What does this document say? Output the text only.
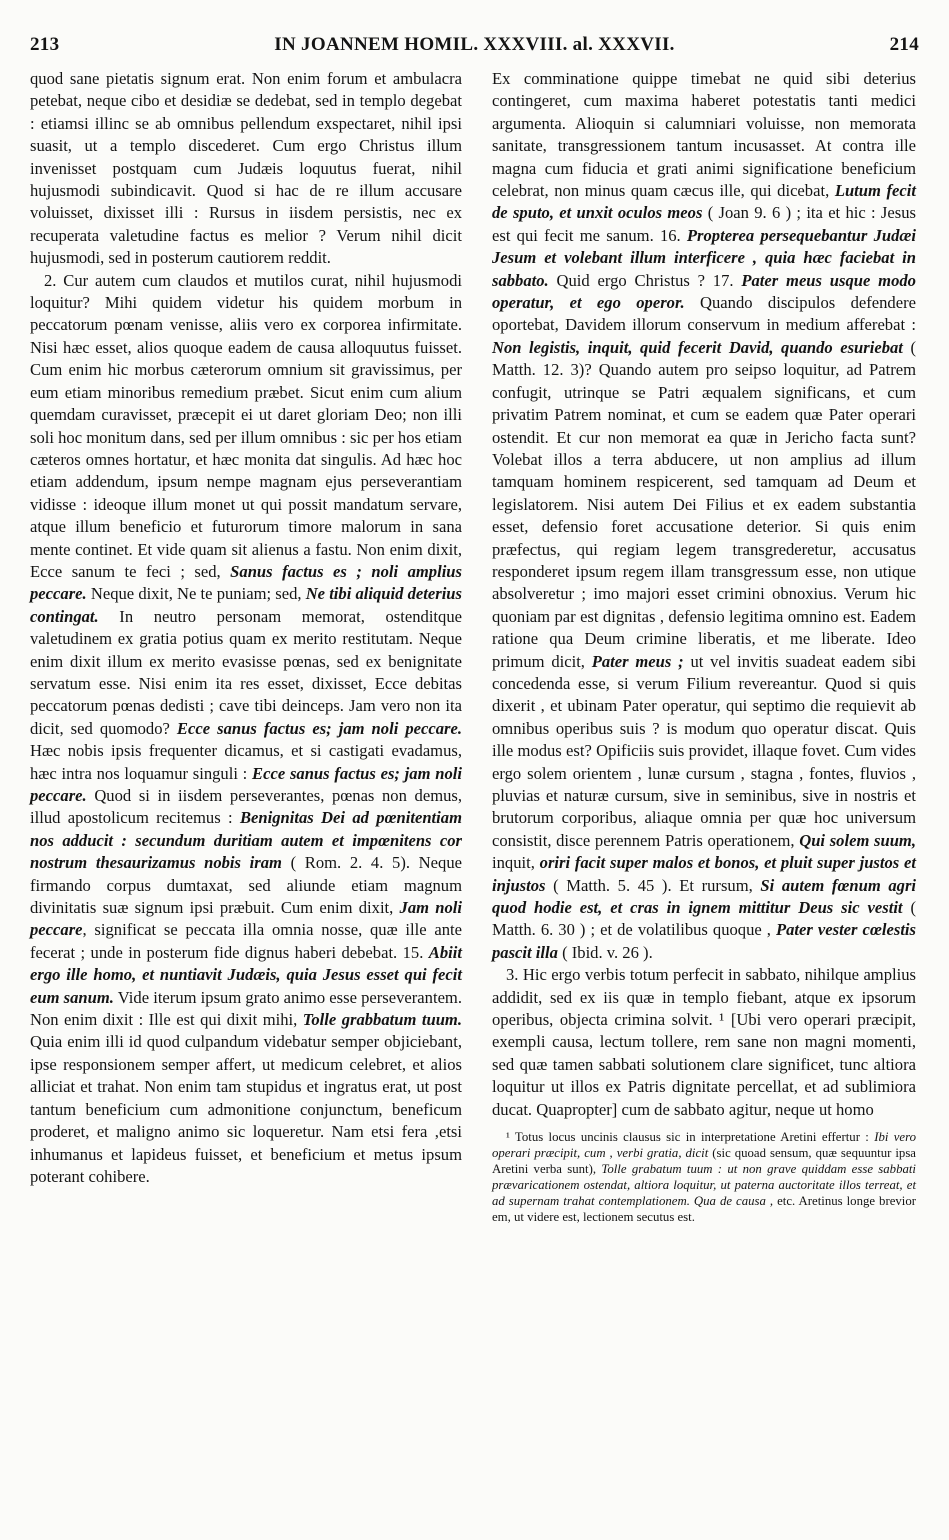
213	IN JOANNEM HOMIL. XXXVIII. al. XXXVII.	214

quod sane pietatis signum erat. Non enim forum et ambulacra petebat, neque cibo et desidiæ se dedebat, sed in templo degebat : etiamsi illinc se ab omnibus pellendum exspectaret, nihil ipsi suasit, ut a templo discederet. Cum ergo Christus illum invenisset postquam cum Judæis loquutus fuerat, nihil hujusmodi subindicavit. Quod si hac de re illum accusare voluisset, dixisset illi : Rursus in iisdem persistis, nec ex recuperata valetudine factus es melior ? Verum nihil dicit hujusmodi, sed in posterum cautiorem reddit.

2. Cur autem cum claudos et mutilos curat, nihil hujusmodi loquitur? Mihi quidem videtur his quidem morbum in peccatorum pœnam venisse, aliis vero ex corporea infirmitate. Nisi hæc esset, alios quoque eadem de causa alloquutus fuisset. Cum enim hic morbus cæterorum omnium sit gravissimus, per eum etiam minoribus remedium præbet. Sicut enim cum alium quemdam curavisset, præcepit ei ut daret gloriam Deo; non illi soli hoc monitum dans, sed per illum omnibus : sic per hos etiam cæteros omnes hortatur, et hæc monita dat singulis. Ad hæc hoc etiam addendum, ipsum nempe magnam ejus perseverantiam vidisse : ideoque illum monet ut qui possit mandatum servare, atque illum beneficio et futurorum timore malorum in sana mente continet. Et vide quam sit alienus a fastu. Non enim dixit, Ecce sanum te feci ; sed, Sanus factus es ; noli amplius peccare. Neque dixit, Ne te puniam; sed, Ne tibi aliquid deterius contingat. In neutro personam memorat, ostenditque valetudinem ex gratia potius quam ex merito restitutam. Neque enim dixit illum ex merito evasisse pœnas, sed ex benignitate servatum esse. Nisi enim ita res esset, dixisset, Ecce debitas peccatorum pœnas dedisti ; cave tibi deinceps. Jam vero non ita dicit, sed quomodo? Ecce sanus factus es; jam noli peccare. Hæc nobis ipsis frequenter dicamus, et si castigati evadamus, hæc intra nos loquamur singuli : Ecce sanus factus es; jam noli peccare. Quod si in iisdem perseverantes, pœnas non demus, illud apostolicum recitemus : Benignitas Dei ad pœnitentiam nos adducit : secundum duritiam autem et impœnitens cor nostrum thesaurizamus nobis iram ( Rom. 2. 4. 5). Neque firmando corpus dumtaxat, sed aliunde etiam magnum divinitatis suæ signum ipsi præbuit. Cum enim dixit, Jam noli peccare, significat se peccata illa omnia nosse, quæ ille ante fecerat ; unde in posterum fide dignus haberi debebat. 15. Abiit ergo ille homo, et nuntiavit Judæis, quia Jesus esset qui fecit eum sanum. Vide iterum ipsum grato animo esse perseverantem. Non enim dixit : Ille est qui dixit mihi, Tolle grabbatum tuum. Quia enim illi id quod culpandum videbatur semper objiciebant, ipse responsionem semper affert, ut medicum celebret, et alios alliciat et trahat. Non enim tam stupidus et ingratus erat, ut post tantum beneficium cum admonitione conjunctum, beneficum proderet, et maligno animo sic loqueretur. Nam etsi fera ,etsi inhumanus et lapideus fuisset, et beneficium et metus ipsum poterant cohibere.

Ex comminatione quippe timebat ne quid sibi deterius contingeret, cum maxima haberet potestatis tanti medici argumenta. Alioquin si calumniari voluisse, non memorata sanitate, transgressionem tantum incusasset. At contra ille magna cum fiducia et grati animi significatione beneficium celebrat, non minus quam cæcus ille, qui dicebat, Lutum fecit de sputo, et unxit oculos meos ( Joan 9. 6 ) ; ita et hic : Jesus est qui fecit me sanum. 16. Propterea persequebantur Judæi Jesum et volebant illum interficere , quia hæc faciebat in sabbato. Quid ergo Christus ? 17. Pater meus usque modo operatur, et ego operor. Quando discipulos defendere oportebat, Davidem illorum conservum in medium afferebat : Non legistis, inquit, quid fecerit David, quando esuriebat ( Matth. 12. 3)? Quando autem pro seipso loquitur, ad Patrem confugit, utrinque se Patri æqualem significans, et cum privatim Patrem nominat, et cum se eadem quæ Pater operari ostendit. Et cur non memorat ea quæ in Jericho facta sunt? Volebat illos a terra abducere, ut non amplius ad illum tamquam hominem respicerent, sed tamquam ad Deum et legislatorem. Nisi autem Dei Filius et ex eadem substantia esset, defensio foret accusatione deterior. Si quis enim præfectus, qui regiam legem transgrederetur, accusatus responderet ipsum regem illam transgressum esse, non utique absolveretur ; imo majori esset crimini obnoxius. Verum hic quoniam par est dignitas , defensio legitima omnino est. Eadem ratione qua Deum crimine liberatis, et me liberate. Ideo primum dicit, Pater meus ; ut vel invitis suadeat eadem sibi concedenda esse, si verum Filium revereantur. Quod si quis dixerit , et ubinam Pater operatur, qui septimo die requievit ab omnibus operibus suis ? is modum quo operatur discat. Quis ille modus est? Opificiis suis providet, illaque fovet. Cum vides ergo solem orientem , lunæ cursum , stagna , fontes, fluvios , pluvias et naturæ cursum, sive in seminibus, sive in nostris et brutorum corporibus, aliaque omnia per quæ hoc universum consistit, disce perennem Patris operationem, Qui solem suum, inquit, oriri facit super malos et bonos, et pluit super justos et injustos ( Matth. 5. 45 ). Et rursum, Si autem fœnum agri quod hodie est, et cras in ignem mittitur Deus sic vestit ( Matth. 6. 30 ) ; et de volatilibus quoque , Pater vester cœlestis pascit illa ( Ibid. v. 26 ).

3. Hic ergo verbis totum perfecit in sabbato, nihilque amplius addidit, sed ex iis quæ in templo fiebant, atque ex ipsorum operibus, objecta crimina solvit. ¹ [Ubi vero operari præcipit, exempli causa, lectum tollere, rem sane non magni momenti, sed quæ tamen sabbati solutionem clare significet, tunc altiora loquitur ut illos ex Patris dignitate percellat, et ad sublimiora ducat. Quapropter] cum de sabbato agitur, neque ut homo

¹ Totus locus uncinis clausus sic in interpretatione Aretini effertur : Ibi vero operari præcipit, cum , verbi gratia, dicit (sic quoad sensum, quæ sequuntur ipsa Aretini verba sunt), Tolle grabatum tuum : ut non grave quiddam esse sabbati prævaricationem ostendat, altiora loquitur, ut paterna auctoritate illos terreat, et ad supernam trahat contemplationem. Qua de causa , etc. Aretinus longe brevior em, ut videre est, lectionem secutus est.
